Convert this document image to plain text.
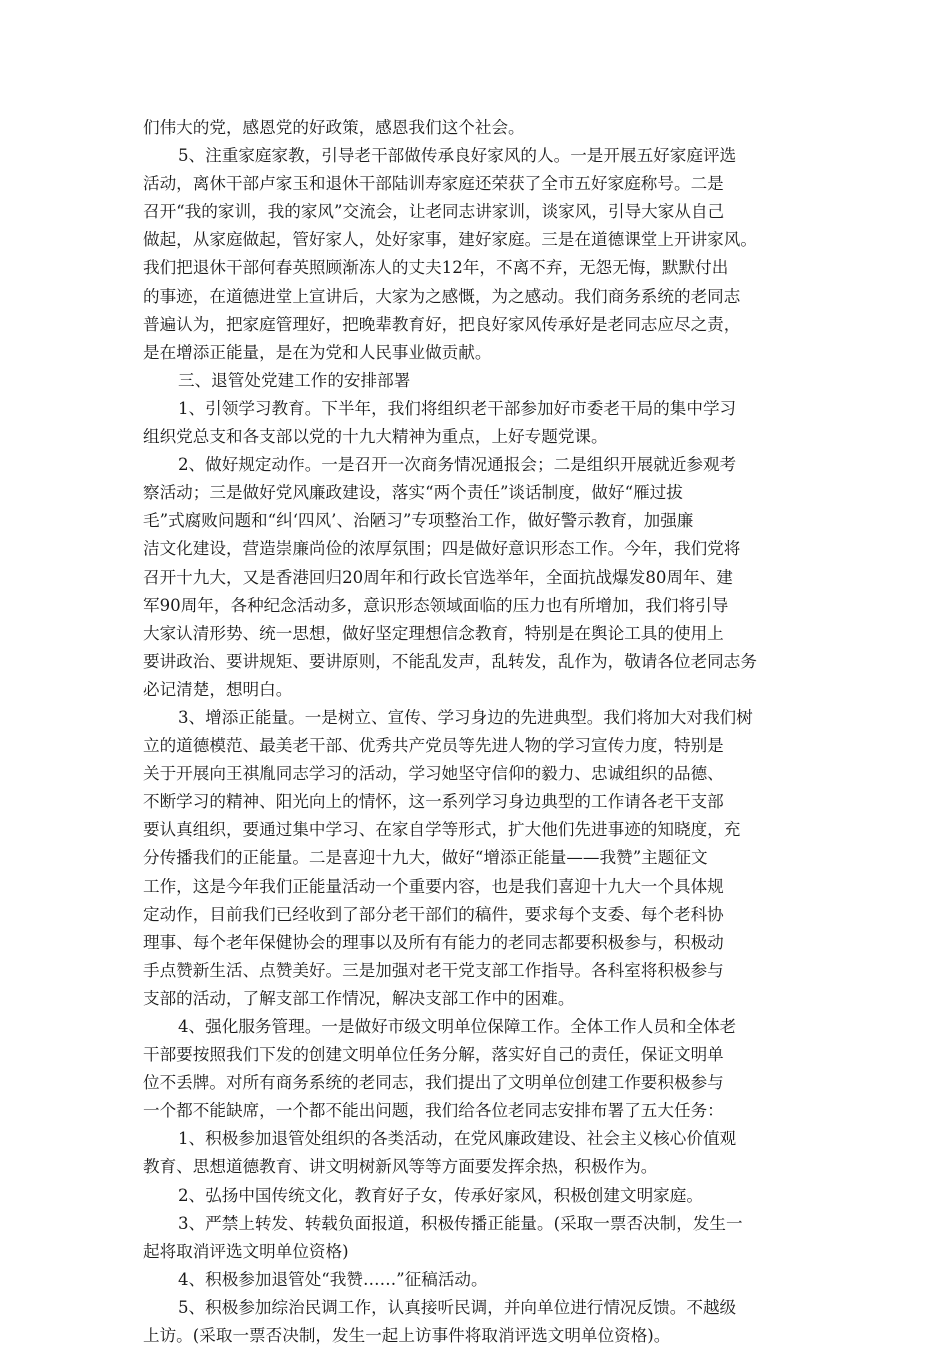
们伟大的党，感恩党的好政策，感恩我们这个社会。
5、注重家庭家教，引导老干部做传承良好家风的人。一是开展五好家庭评选
活动，离休干部卢家玉和退休干部陆训寿家庭还荣获了全市五好家庭称号。二是
召开“我的家训，我的家风”交流会，让老同志讲家训，谈家风，引导大家从自己
做起，从家庭做起，管好家人，处好家事，建好家庭。三是在道德课堂上开讲家风。
我们把退休干部何春英照顾渐冻人的丈夫12年，不离不弃，无怨无悔，默默付出
的事迹，在道德进堂上宣讲后，大家为之感慨，为之感动。我们商务系统的老同志
普遍认为，把家庭管理好，把晚辈教育好，把良好家风传承好是老同志应尽之责，
是在增添正能量，是在为党和人民事业做贡献。
三、退管处党建工作的安排部署
1、引领学习教育。下半年，我们将组织老干部参加好市委老干局的集中学习
组织党总支和各支部以党的十九大精神为重点，上好专题党课。
2、做好规定动作。一是召开一次商务情况通报会；二是组织开展就近参观考
察活动；三是做好党风廉政建设，落实“两个责任”谈话制度，做好“雁过拔
毛”式腐败问题和“纠‘四风’、治陋习”专项整治工作，做好警示教育，加强廉
洁文化建设，营造崇廉尚俭的浓厚氛围；四是做好意识形态工作。今年，我们党将
召开十九大，又是香港回归20周年和行政长官选举年，全面抗战爆发80周年、建
军90周年，各种纪念活动多，意识形态领域面临的压力也有所增加，我们将引导
大家认清形势、统一思想，做好坚定理想信念教育，特别是在舆论工具的使用上
要讲政治、要讲规矩、要讲原则，不能乱发声，乱转发，乱作为，敬请各位老同志务
必记清楚，想明白。
3、增添正能量。一是树立、宣传、学习身边的先进典型。我们将加大对我们树
立的道德模范、最美老干部、优秀共产党员等先进人物的学习宣传力度，特别是
关于开展向王祺胤同志学习的活动，学习她坚守信仰的毅力、忠诚组织的品德、
不断学习的精神、阳光向上的情怀，这一系列学习身边典型的工作请各老干支部
要认真组织，要通过集中学习、在家自学等形式，扩大他们先进事迹的知晓度，充
分传播我们的正能量。二是喜迎十九大，做好“增添正能量——我赞”主题征文
工作，这是今年我们正能量活动一个重要内容，也是我们喜迎十九大一个具体规
定动作，目前我们已经收到了部分老干部们的稿件，要求每个支委、每个老科协
理事、每个老年保健协会的理事以及所有有能力的老同志都要积极参与，积极动
手点赞新生活、点赞美好。三是加强对老干党支部工作指导。各科室将积极参与
支部的活动，了解支部工作情况，解决支部工作中的困难。
4、强化服务管理。一是做好市级文明单位保障工作。全体工作人员和全体老
干部要按照我们下发的创建文明单位任务分解，落实好自己的责任，保证文明单
位不丢牌。对所有商务系统的老同志，我们提出了文明单位创建工作要积极参与
一个都不能缺席，一个都不能出问题，我们给各位老同志安排布署了五大任务：
1、积极参加退管处组织的各类活动，在党风廉政建设、社会主义核心价值观
教育、思想道德教育、讲文明树新风等等方面要发挥余热，积极作为。
2、弘扬中国传统文化，教育好子女，传承好家风，积极创建文明家庭。
3、严禁上转发、转载负面报道，积极传播正能量。(采取一票否决制，发生一
起将取消评选文明单位资格)
4、积极参加退管处“我赞……”征稿活动。
5、积极参加综治民调工作，认真接听民调，并向单位进行情况反馈。不越级
上访。(采取一票否决制，发生一起上访事件将取消评选文明单位资格)。
